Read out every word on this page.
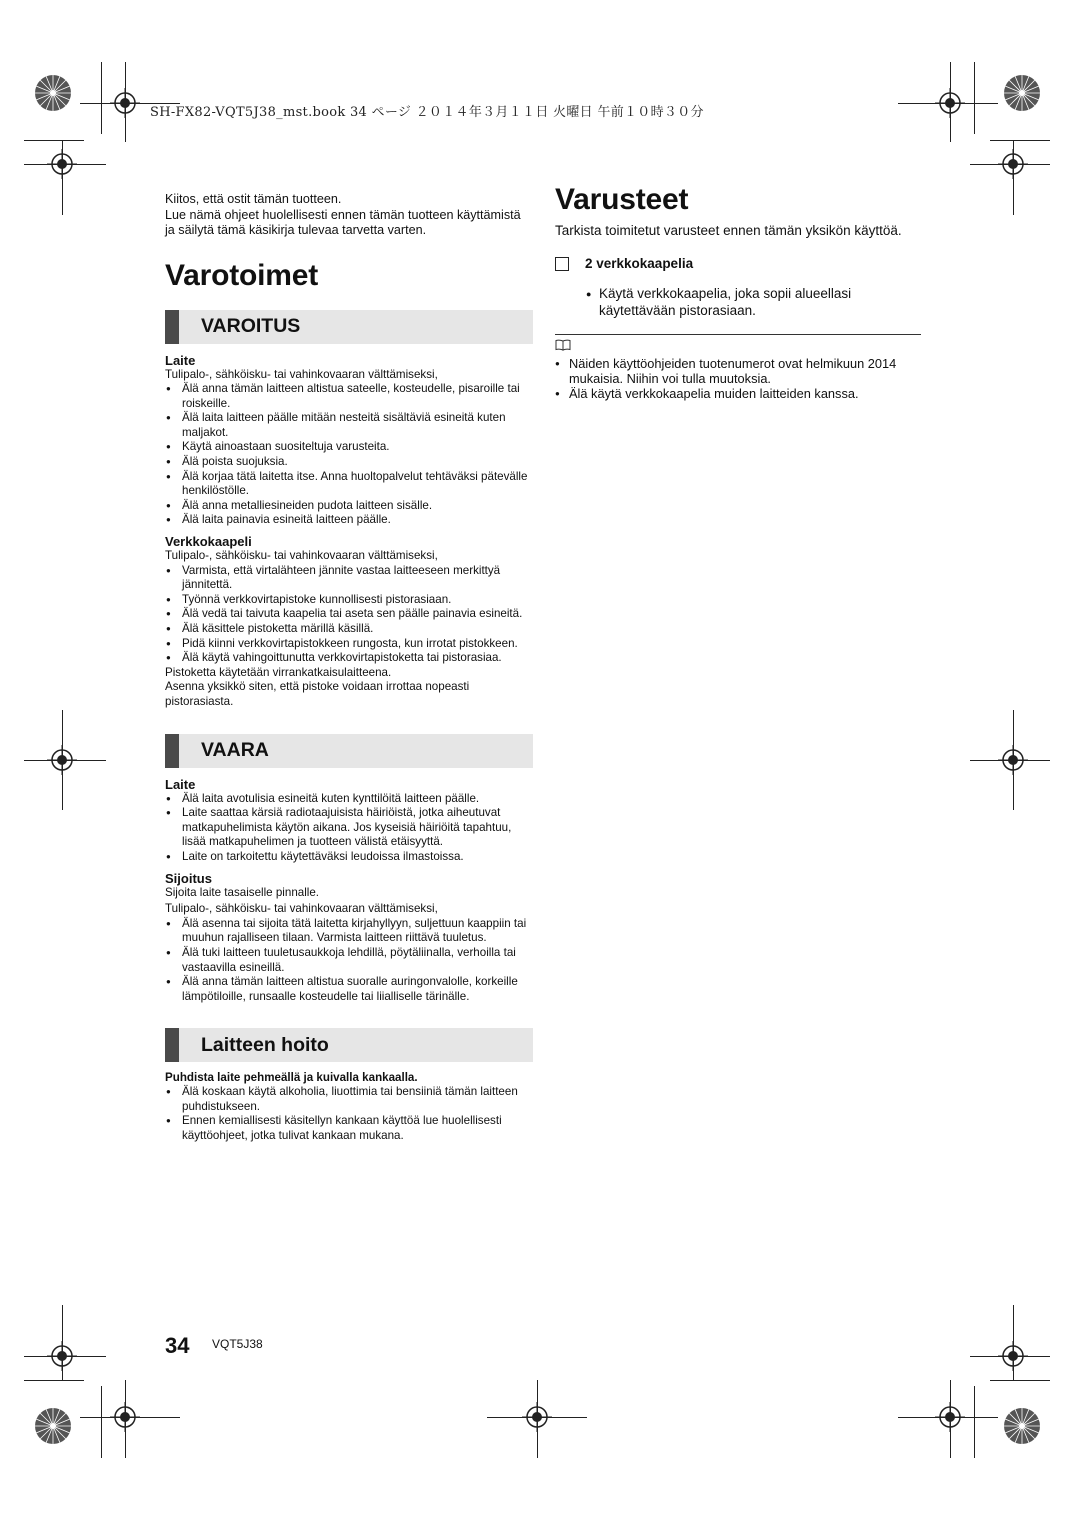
SH-FX82-VQT5J38_mst.book 34 ページ ２０１４年３月１１日 火曜日 午前１０時３０分
Kiitos, että ostit tämän tuotteen.
Lue nämä ohjeet huolellisesti ennen tämän tuotteen käyttämistä ja säilytä tämä käsikirja tulevaa tarvetta varten.
Varotoimet
VAROITUS
Laite
Tulipalo-, sähköisku- tai vahinkovaaran välttämiseksi,
● Älä anna tämän laitteen altistua sateelle, kosteudelle, pisaroille tai roiskeille.
● Älä laita laitteen päälle mitään nesteitä sisältäviä esineitä kuten maljakot.
● Käytä ainoastaan suositeltuja varusteita.
● Älä poista suojuksia.
● Älä korjaa tätä laitetta itse. Anna huoltopalvelut tehtäväksi pätevälle henkilöstölle.
● Älä anna metalliesineiden pudota laitteen sisälle.
● Älä laita painavia esineitä laitteen päälle.
Verkkokaapeli
Tulipalo-, sähköisku- tai vahinkovaaran välttämiseksi,
● Varmista, että virtalähteen jännite vastaa laitteeseen merkittyä jännitettä.
● Työnnä verkkovirtapistoke kunnollisesti pistorasiaan.
● Älä vedä tai taivuta kaapelia tai aseta sen päälle painavia esineitä.
● Älä käsittele pistoketta märillä käsillä.
● Pidä kiinni verkkovirtapistokkeen rungosta, kun irrotat pistokkeen.
● Älä käytä vahingoittunutta verkkovirtapistoketta tai pistorasiaa.
Pistoketta käytetään virrankatkaisulaitteena.
Asenna yksikkö siten, että pistoke voidaan irrottaa nopeasti pistorasiasta.
VAARA
Laite
● Älä laita avotulisia esineitä kuten kynttilöitä laitteen päälle.
● Laite saattaa kärsiä radiotaajuisista häiriöistä, jotka aiheutuvat matkapuhelimista käytön aikana. Jos kyseisiä häiriöitä tapahtuu, lisää matkapuhelimen ja tuotteen välistä etäisyyttä.
● Laite on tarkoitettu käytettäväksi leudoissa ilmastoissa.
Sijoitus
Sijoita laite tasaiselle pinnalle.
Tulipalo-, sähköisku- tai vahinkovaaran välttämiseksi,
● Älä asenna tai sijoita tätä laitetta kirjahyllyyn, suljettuun kaappiin tai muuhun rajalliseen tilaan. Varmista laitteen riittävä tuuletus.
● Älä tuki laitteen tuuletusaukkoja lehdillä, pöytäliinalla, verhoilla tai vastaavilla esineillä.
● Älä anna tämän laitteen altistua suoralle auringonvalolle, korkeille lämpötiloille, runsaalle kosteudelle tai liialliselle tärinälle.
Laitteen hoito
Puhdista laite pehmeällä ja kuivalla kankaalla.
● Älä koskaan käytä alkoholia, liuottimia tai bensiiniä tämän laitteen puhdistukseen.
● Ennen kemiallisesti käsitellyn kankaan käyttöä lue huolellisesti käyttöohjeet, jotka tulivat kankaan mukana.
Varusteet
Tarkista toimitetut varusteet ennen tämän yksikön käyttöä.
2 verkkokaapelia
● Käytä verkkokaapelia, joka sopii alueellasi käytettävään pistorasiaan.
● Näiden käyttöohjeiden tuotenumerot ovat helmikuun 2014 mukaisia. Niihin voi tulla muutoksia.
● Älä käytä verkkokaapelia muiden laitteiden kanssa.
34 VQT5J38
